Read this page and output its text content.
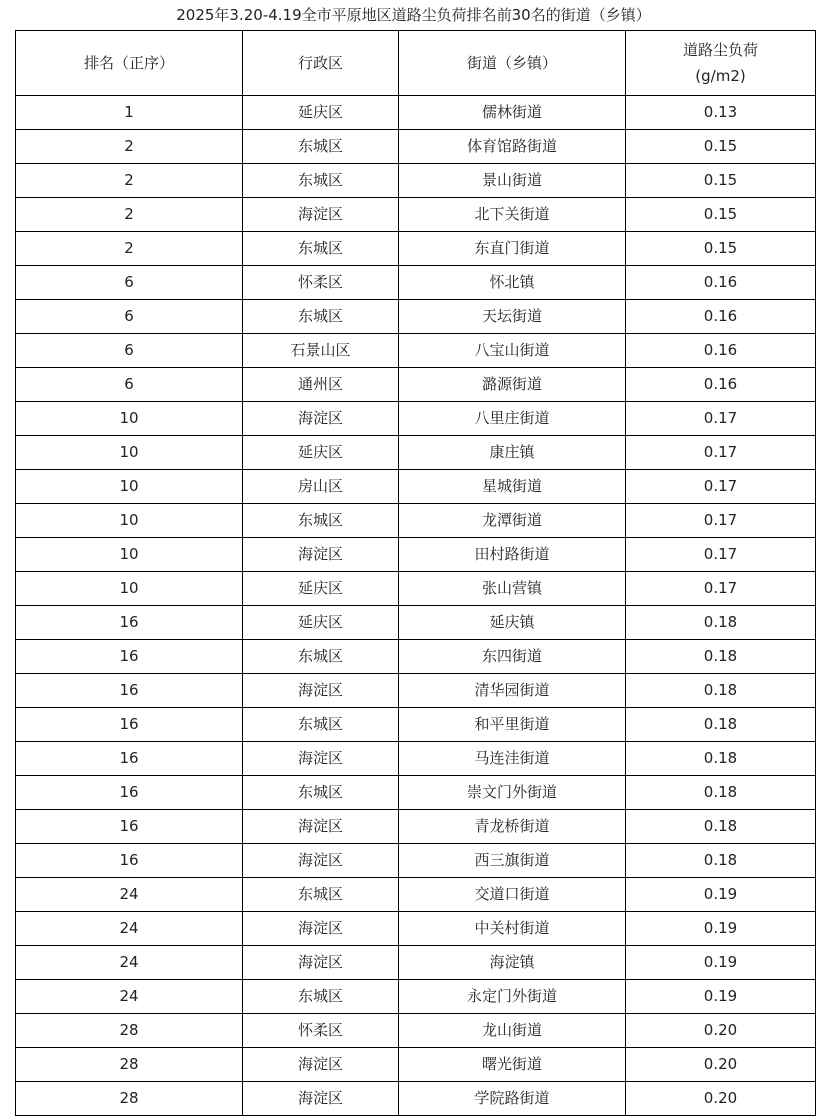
2025年3.20-4.19全市平原地区道路尘负荷排名前30名的街道（乡镇）
排名（正序）	行政区	街道（乡镇）	道路尘负荷
(g/m2)

1	延庆区	儒林街道	0.13
2	东城区	体育馆路街道	0.15
2	东城区	景山街道	0.15
2	海淀区	北下关街道	0.15
2	东城区	东直门街道	0.15
6	怀柔区	怀北镇	0.16
6	东城区	天坛街道	0.16
6	石景山区	八宝山街道	0.16
6	通州区	潞源街道	0.16
10	海淀区	八里庄街道	0.17
10	延庆区	康庄镇	0.17
10	房山区	星城街道	0.17
10	东城区	龙潭街道	0.17
10	海淀区	田村路街道	0.17
10	延庆区	张山营镇	0.17
16	延庆区	延庆镇	0.18
16	东城区	东四街道	0.18
16	海淀区	清华园街道	0.18
16	东城区	和平里街道	0.18
16	海淀区	马连洼街道	0.18
16	东城区	崇文门外街道	0.18
16	海淀区	青龙桥街道	0.18
16	海淀区	西三旗街道	0.18
24	东城区	交道口街道	0.19
24	海淀区	中关村街道	0.19
24	海淀区	海淀镇	0.19
24	东城区	永定门外街道	0.19
28	怀柔区	龙山街道	0.20
28	海淀区	曙光街道	0.20
28	海淀区	学院路街道	0.20
